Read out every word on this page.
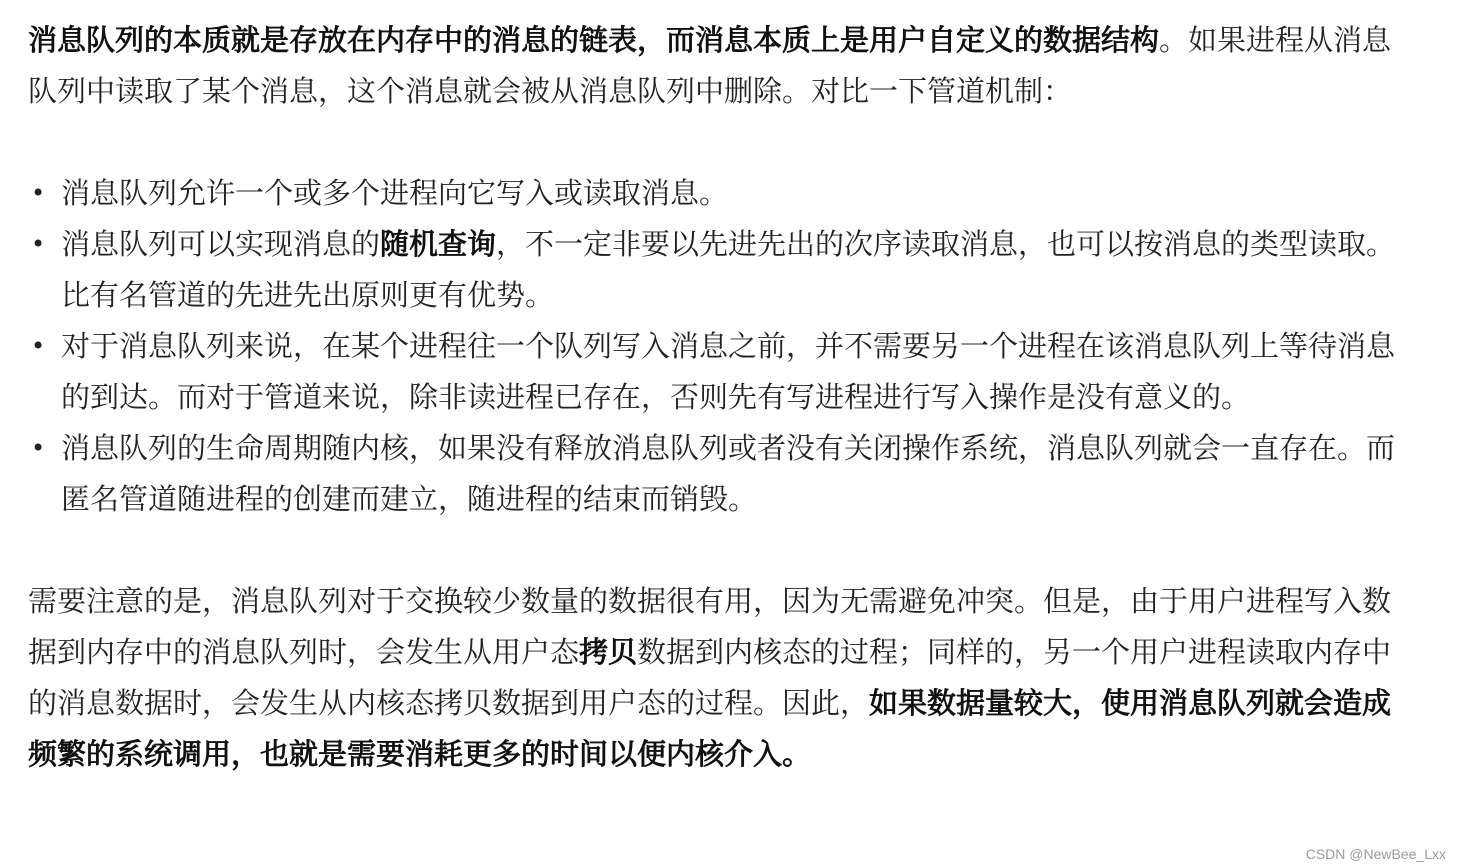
消息队列的本质就是存放在内存中的消息的链表，而消息本质上是用户自定义的数据结构。如果进程从消息队列中读取了某个消息，这个消息就会被从消息队列中删除。对比一下管道机制：

• 消息队列允许一个或多个进程向它写入或读取消息。
• 消息队列可以实现消息的随机查询，不一定非要以先进先出的次序读取消息，也可以按消息的类型读取。比有名管道的先进先出原则更有优势。
• 对于消息队列来说，在某个进程往一个队列写入消息之前，并不需要另一个进程在该消息队列上等待消息的到达。而对于管道来说，除非读进程已存在，否则先有写进程进行写入操作是没有意义的。
• 消息队列的生命周期随内核，如果没有释放消息队列或者没有关闭操作系统，消息队列就会一直存在。而匿名管道随进程的创建而建立，随进程的结束而销毁。

需要注意的是，消息队列对于交换较少数量的数据很有用，因为无需避免冲突。但是，由于用户进程写入数据到内存中的消息队列时，会发生从用户态拷贝数据到内核态的过程；同样的，另一个用户进程读取内存中的消息数据时，会发生从内核态拷贝数据到用户态的过程。因此，如果数据量较大，使用消息队列就会造成频繁的系统调用，也就是需要消耗更多的时间以便内核介入。

CSDN @NewBee_Lxx
